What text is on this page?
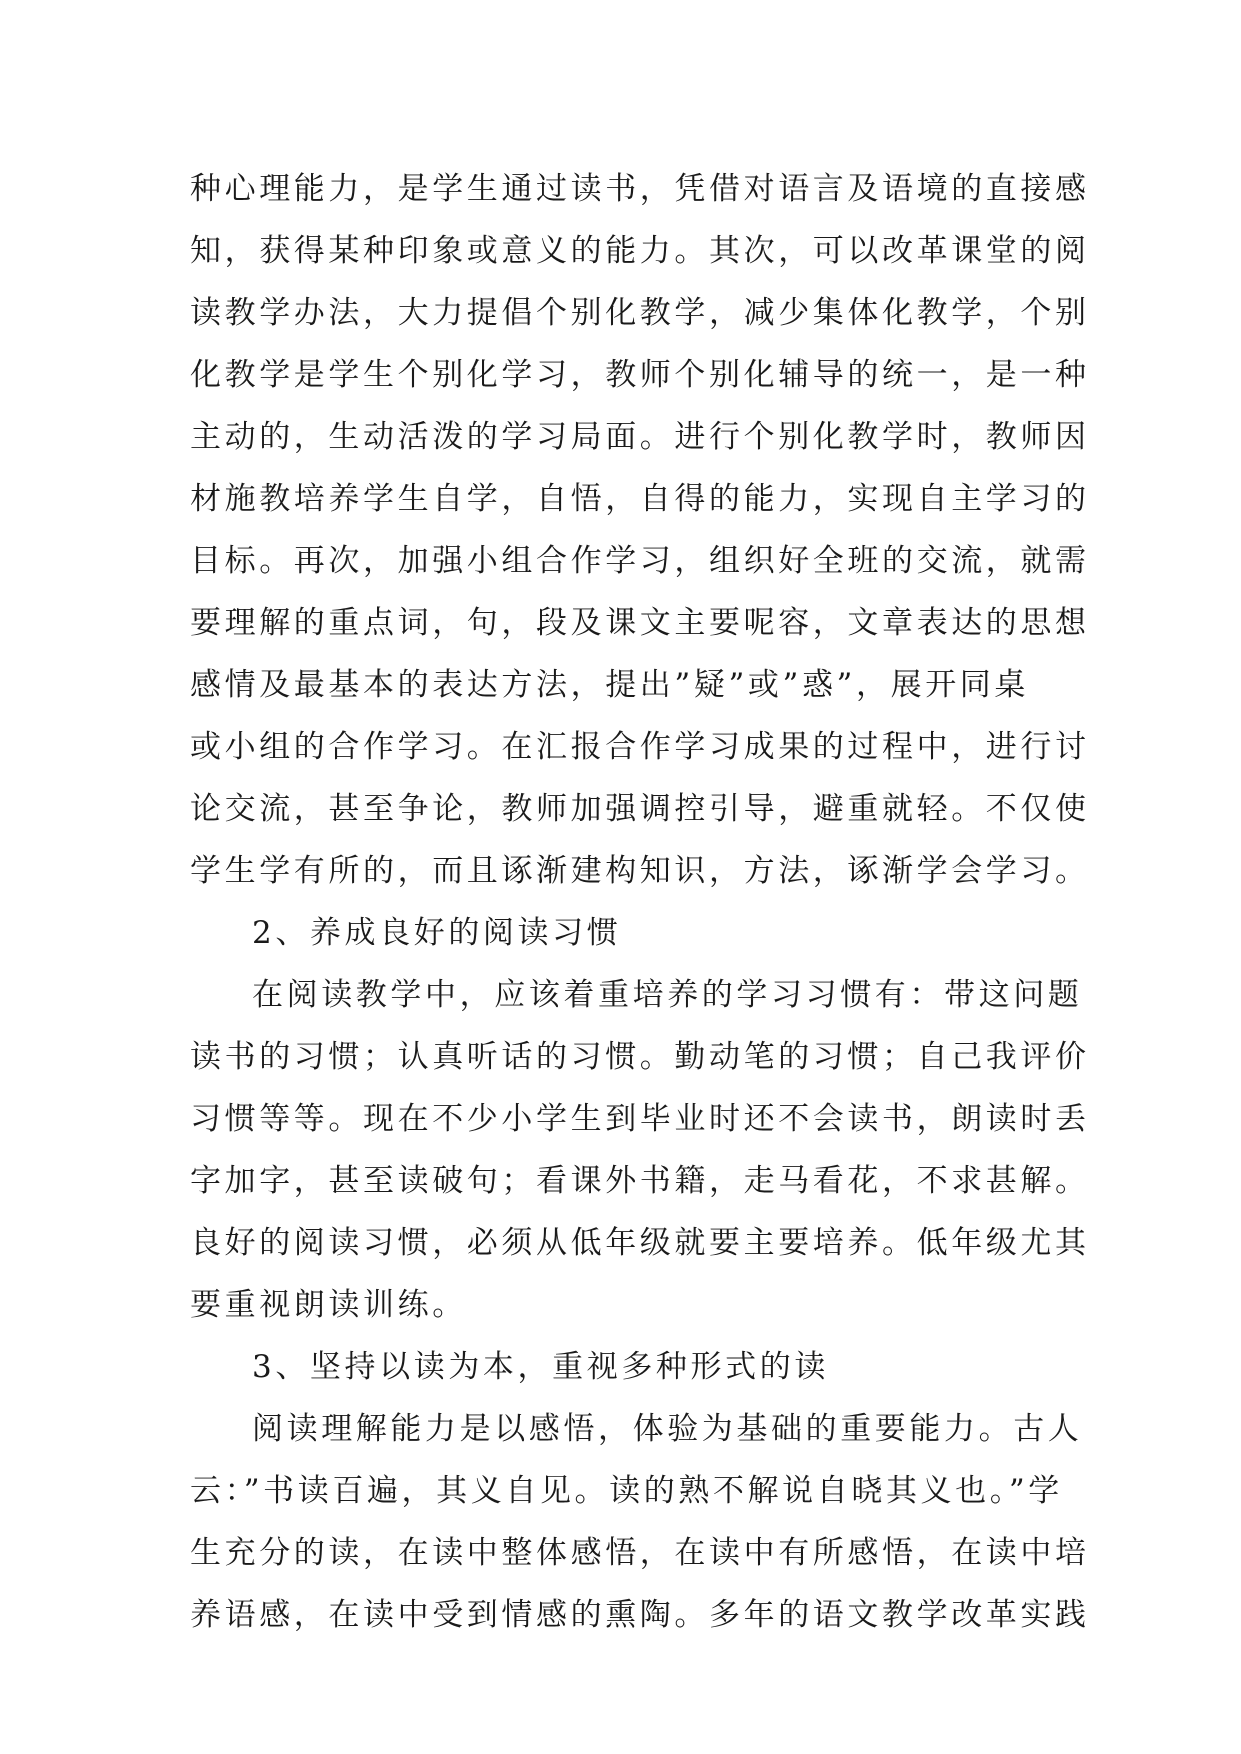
种心理能力，是学生通过读书，凭借对语言及语境的直接感
知，获得某种印象或意义的能力。其次，可以改革课堂的阅
读教学办法，大力提倡个别化教学，减少集体化教学，个别
化教学是学生个别化学习，教师个别化辅导的统一，是一种
主动的，生动活泼的学习局面。进行个别化教学时，教师因
材施教培养学生自学，自悟，自得的能力，实现自主学习的
目标。再次，加强小组合作学习，组织好全班的交流，就需
要理解的重点词，句，段及课文主要呢容，文章表达的思想
感情及最基本的表达方法，提出”疑”或”惑”，展开同桌
或小组的合作学习。在汇报合作学习成果的过程中，进行讨
论交流，甚至争论，教师加强调控引导，避重就轻。不仅使
学生学有所的，而且诼渐建构知识，方法，诼渐学会学习。
2、养成良好的阅读习惯
在阅读教学中，应该着重培养的学习习惯有：带这问题
读书的习惯；认真听话的习惯。勤动笔的习惯；自己我评价
习惯等等。现在不少小学生到毕业时还不会读书，朗读时丢
字加字，甚至读破句；看课外书籍，走马看花，不求甚解。
良好的阅读习惯，必须从低年级就要主要培养。低年级尤其
要重视朗读训练。
3、坚持以读为本，重视多种形式的读
阅读理解能力是以感悟，体验为基础的重要能力。古人
云：”书读百遍，其义自见。读的熟不解说自晓其义也。”学
生充分的读，在读中整体感悟，在读中有所感悟，在读中培
养语感，在读中受到情感的熏陶。多年的语文教学改革实践
